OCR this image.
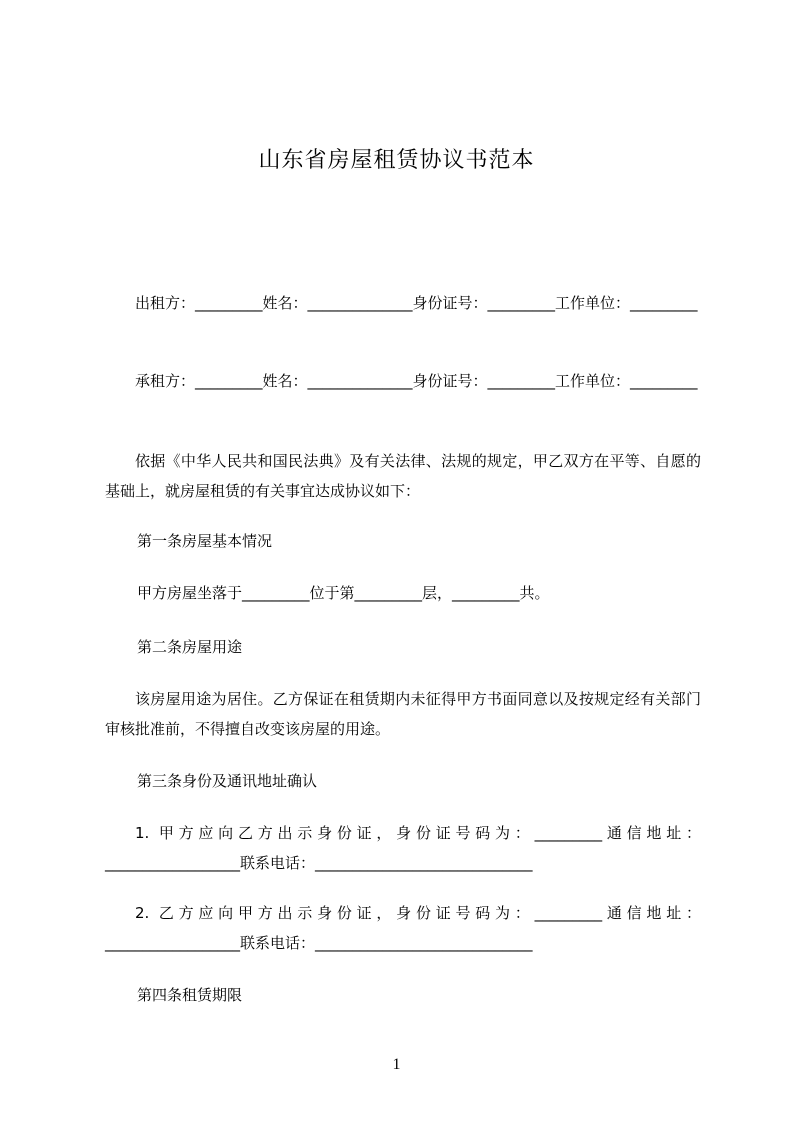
山东省房屋租赁协议书范本

出租方：_________姓名：______________身份证号：_________工作单位：_________

承租方：_________姓名：______________身份证号：_________工作单位：_________

依据《中华人民共和国民法典》及有关法律、法规的规定，甲乙双方在平等、自愿的基础上，就房屋租赁的有关事宜达成协议如下：

第一条房屋基本情况

甲方房屋坐落于_________位于第_________层，_________共。

第二条房屋用途

该房屋用途为居住。乙方保证在租赁期内未征得甲方书面同意以及按规定经有关部门审核批准前，不得擅自改变该房屋的用途。

第三条身份及通讯地址确认

1. 甲方应向乙方出示身份证，身份证号码为：_________通信地址：__________________联系电话：_____________________________

2. 乙方应向甲方出示身份证，身份证号码为：_________通信地址：__________________联系电话：_____________________________

第四条租赁期限

1
